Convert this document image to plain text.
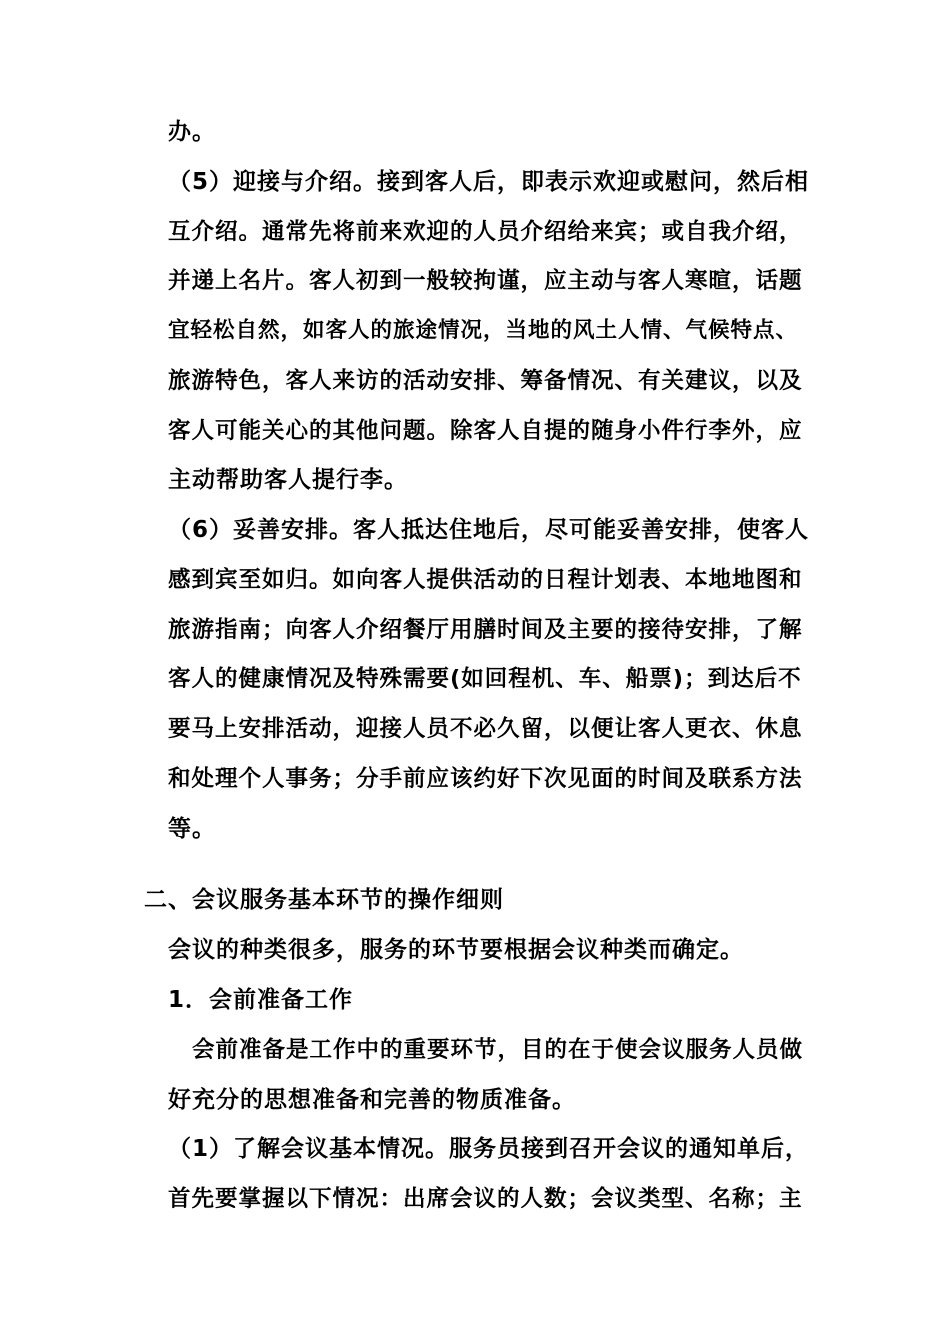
办。
（5）迎接与介绍。接到客人后，即表示欢迎或慰问，然后相
互介绍。通常先将前来欢迎的人员介绍给来宾；或自我介绍，
并递上名片。客人初到一般较拘谨，应主动与客人寒暄，话题
宜轻松自然，如客人的旅途情况，当地的风土人情、气候特点、
旅游特色，客人来访的活动安排、筹备情况、有关建议，以及
客人可能关心的其他问题。除客人自提的随身小件行李外，应
主动帮助客人提行李。
（6）妥善安排。客人抵达住地后，尽可能妥善安排，使客人
感到宾至如归。如向客人提供活动的日程计划表、本地地图和
旅游指南；向客人介绍餐厅用膳时间及主要的接待安排，了解
客人的健康情况及特殊需要(如回程机、车、船票)；到达后不
要马上安排活动，迎接人员不必久留，以便让客人更衣、休息
和处理个人事务；分手前应该约好下次见面的时间及联系方法
等。
二、会议服务基本环节的操作细则
会议的种类很多，服务的环节要根据会议种类而确定。
1．会前准备工作
会前准备是工作中的重要环节，目的在于使会议服务人员做
好充分的思想准备和完善的物质准备。
（1）了解会议基本情况。服务员接到召开会议的通知单后，
首先要掌握以下情况：出席会议的人数；会议类型、名称；主
